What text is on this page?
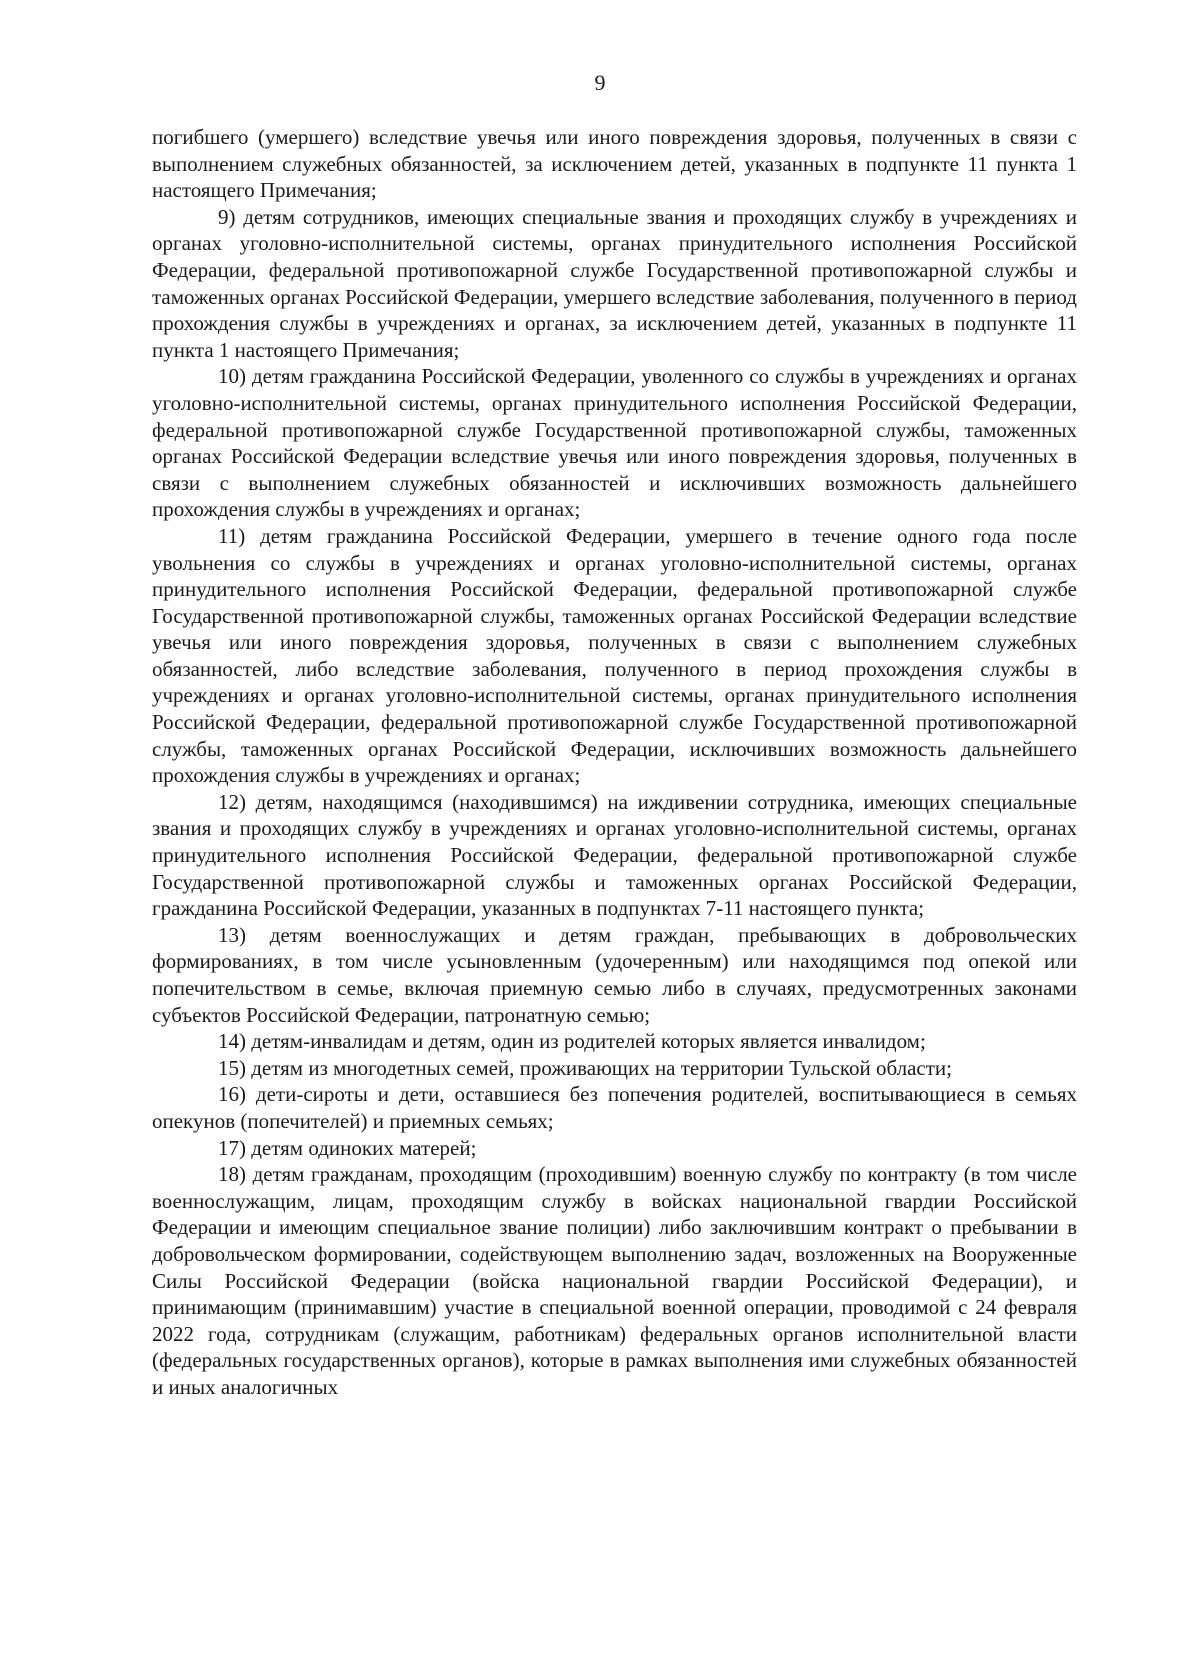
9

погибшего (умершего) вследствие увечья или иного повреждения здоровья, полученных в связи с выполнением служебных обязанностей, за исключением детей, указанных в подпункте 11 пункта 1 настоящего Примечания;

9) детям сотрудников, имеющих специальные звания и проходящих службу в учреждениях и органах уголовно-исполнительной системы, органах принудительного исполнения Российской Федерации, федеральной противопожарной службе Государственной противопожарной службы и таможенных органах Российской Федерации, умершего вследствие заболевания, полученного в период прохождения службы в учреждениях и органах, за исключением детей, указанных в подпункте 11 пункта 1 настоящего Примечания;

10) детям гражданина Российской Федерации, уволенного со службы в учреждениях и органах уголовно-исполнительной системы, органах принудительного исполнения Российской Федерации, федеральной противопожарной службе Государственной противопожарной службы, таможенных органах Российской Федерации вследствие увечья или иного повреждения здоровья, полученных в связи с выполнением служебных обязанностей и исключивших возможность дальнейшего прохождения службы в учреждениях и органах;

11) детям гражданина Российской Федерации, умершего в течение одного года после увольнения со службы в учреждениях и органах уголовно-исполнительной системы, органах принудительного исполнения Российской Федерации, федеральной противопожарной службе Государственной противопожарной службы, таможенных органах Российской Федерации вследствие увечья или иного повреждения здоровья, полученных в связи с выполнением служебных обязанностей, либо вследствие заболевания, полученного в период прохождения службы в учреждениях и органах уголовно-исполнительной системы, органах принудительного исполнения Российской Федерации, федеральной противопожарной службе Государственной противопожарной службы, таможенных органах Российской Федерации, исключивших возможность дальнейшего прохождения службы в учреждениях и органах;

12) детям, находящимся (находившимся) на иждивении сотрудника, имеющих специальные звания и проходящих службу в учреждениях и органах уголовно-исполнительной системы, органах принудительного исполнения Российской Федерации, федеральной противопожарной службе Государственной противопожарной службы и таможенных органах Российской Федерации, гражданина Российской Федерации, указанных в подпунктах 7-11 настоящего пункта;

13) детям военнослужащих и детям граждан, пребывающих в добровольческих формированиях, в том числе усыновленным (удочеренным) или находящимся под опекой или попечительством в семье, включая приемную семью либо в случаях, предусмотренных законами субъектов Российской Федерации, патронатную семью;

14) детям-инвалидам и детям, один из родителей которых является инвалидом;

15) детям из многодетных семей, проживающих на территории Тульской области;

16) дети-сироты и дети, оставшиеся без попечения родителей, воспитывающиеся в семьях опекунов (попечителей) и приемных семьях;

17) детям одиноких матерей;

18) детям гражданам, проходящим (проходившим) военную службу по контракту (в том числе военнослужащим, лицам, проходящим службу в войсках национальной гвардии Российской Федерации и имеющим специальное звание полиции) либо заключившим контракт о пребывании в добровольческом формировании, содействующем выполнению задач, возложенных на Вооруженные Силы Российской Федерации (войска национальной гвардии Российской Федерации), и принимающим (принимавшим) участие в специальной военной операции, проводимой с 24 февраля 2022 года, сотрудникам (служащим, работникам) федеральных органов исполнительной власти (федеральных государственных органов), которые в рамках выполнения ими служебных обязанностей и иных аналогичных
